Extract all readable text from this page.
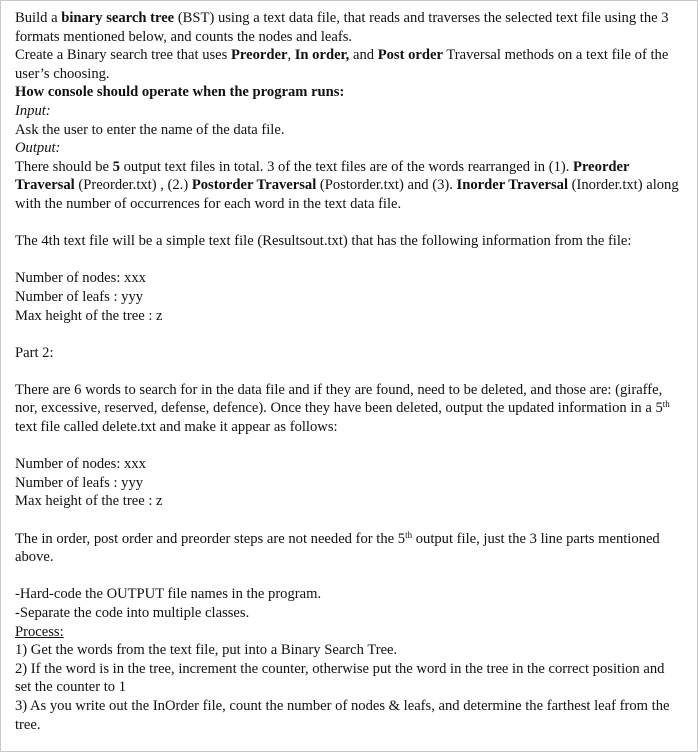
Build a binary search tree (BST) using a text data file, that reads and traverses the selected text file using the 3 formats mentioned below, and counts the nodes and leafs.

Create a Binary search tree that uses Preorder, In order, and Post order Traversal methods on a text file of the user’s choosing.

How console should operate when the program runs:

Input:

Ask the user to enter the name of the data file.

Output:

There should be 5 output text files in total. 3 of the text files are of the words rearranged in (1). Preorder Traversal (Preorder.txt) , (2.) Postorder Traversal (Postorder.txt) and (3). Inorder Traversal (Inorder.txt) along with the number of occurrences for each word in the text data file.

The 4th text file will be a simple text file (Resultsout.txt) that has the following information from the file:

Number of nodes: xxx

Number of leafs : yyy

Max height of the tree : z

Part 2:

There are 6 words to search for in the data file and if they are found, need to be deleted, and those are: (giraffe, nor, excessive, reserved, defense, defence). Once they have been deleted, output the updated information in a 5th text file called delete.txt and make it appear as follows:

Number of nodes: xxx

Number of leafs : yyy

Max height of the tree : z

The in order, post order and preorder steps are not needed for the 5th output file, just the 3 line parts mentioned above.

-Hard-code the OUTPUT file names in the program.

-Separate the code into multiple classes.

Process:

1) Get the words from the text file, put into a Binary Search Tree.

2) If the word is in the tree, increment the counter, otherwise put the word in the tree in the correct position and set the counter to 1

3) As you write out the InOrder file, count the number of nodes & leafs, and determine the farthest leaf from the tree.
